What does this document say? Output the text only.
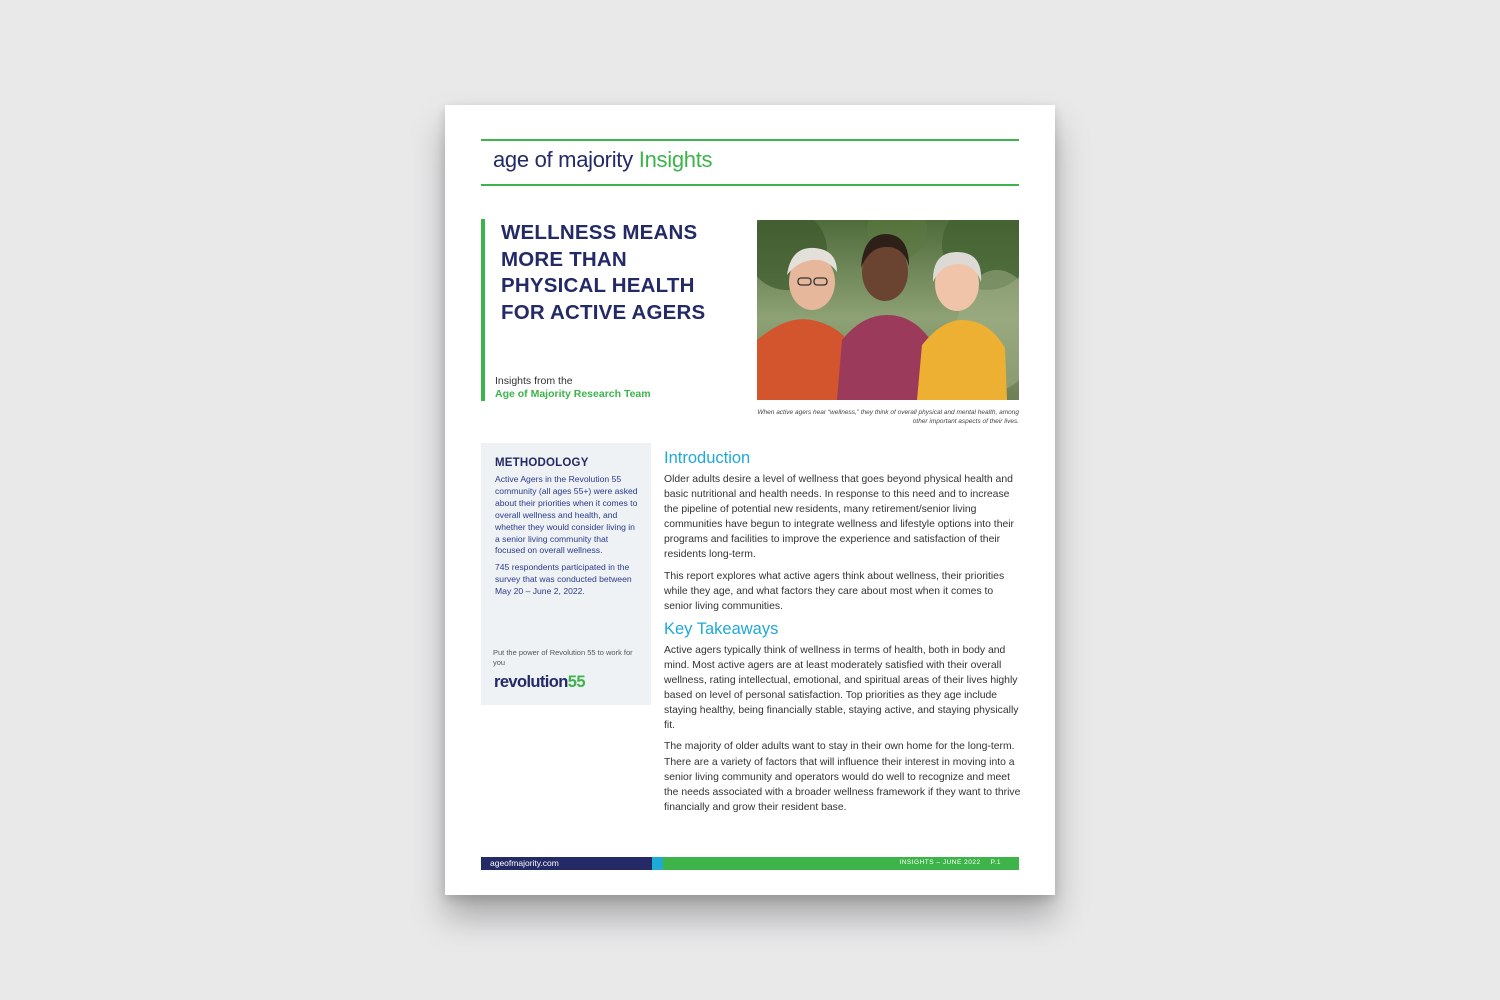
age of majority Insights
WELLNESS MEANS MORE THAN PHYSICAL HEALTH FOR ACTIVE AGERS
Insights from the
Age of Majority Research Team

When active agers hear “wellness,” they think of overall physical and mental health, among other important aspects of their lives.

METHODOLOGY

Active Agers in the Revolution 55 community (all ages 55+) were asked about their priorities when it comes to overall wellness and health, and whether they would consider living in a senior living community that focused on overall wellness.

745 respondents participated in the survey that was conducted between May 20 – June 2, 2022.

Put the power of Revolution 55 to work for you

revolution55
Introduction

Older adults desire a level of wellness that goes beyond physical health and basic nutritional and health needs. In response to this need and to increase the pipeline of potential new residents, many retirement/senior living communities have begun to integrate wellness and lifestyle options into their programs and facilities to improve the experience and satisfaction of their residents long-term.

This report explores what active agers think about wellness, their priorities while they age, and what factors they care about most when it comes to senior living communities.

Key Takeaways

Active agers typically think of wellness in terms of health, both in body and mind. Most active agers are at least moderately satisfied with their overall wellness, rating intellectual, emotional, and spiritual areas of their lives highly based on level of personal satisfaction. Top priorities as they age include staying healthy, being financially stable, staying active, and staying physically fit.

The majority of older adults want to stay in their own home for the long-term. There are a variety of factors that will influence their interest in moving into a senior living community and operators would do well to recognize and meet the needs associated with a broader wellness framework if they want to thrive financially and grow their resident base.

ageofmajority.com	INSIGHTS – JUNE 2022 P.1
